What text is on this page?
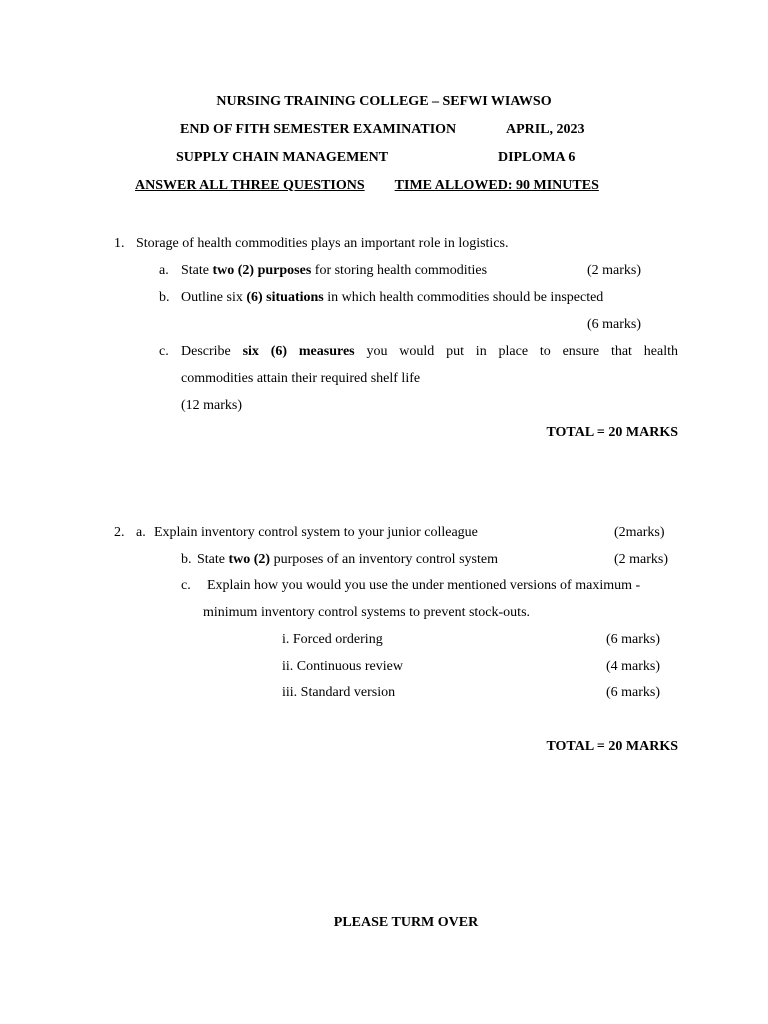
NURSING TRAINING COLLEGE – SEFWI WIAWSO
END OF FITH SEMESTER EXAMINATION	APRIL, 2023
SUPPLY CHAIN MANAGEMENT	DIPLOMA 6
ANSWER ALL THREE QUESTIONS TIME ALLOWED: 90 MINUTES
1. Storage of health commodities plays an important role in logistics.
a. State two (2) purposes for storing health commodities	(2 marks)
b. Outline six (6) situations in which health commodities should be inspected
(6 marks)
c. Describe six (6) measures you would put in place to ensure that health
commodities attain their required shelf life
(12 marks)
TOTAL = 20 MARKS
2. a. Explain inventory control system to your junior colleague	(2marks)
b. State two (2) purposes of an inventory control system	(2 marks)
c. Explain how you would you use the under mentioned versions of maximum -
minimum inventory control systems to prevent stock-outs.
i. Forced ordering	(6 marks)
ii. Continuous review	(4 marks)
iii. Standard version	(6 marks)
TOTAL = 20 MARKS
PLEASE TURM OVER
